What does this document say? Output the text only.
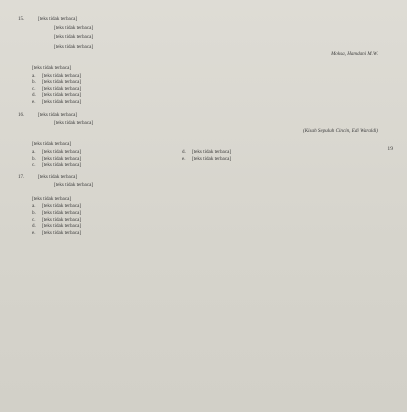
15.	[teks tidak terbaca]

[teks tidak terbaca]

[teks tidak terbaca]

[teks tidak terbaca]

Moksa, Hamdani M.W.
[teks tidak terbaca]
a.	[teks tidak terbaca]
b.	[teks tidak terbaca]
c.	[teks tidak terbaca]
d.	[teks tidak terbaca]
e.	[teks tidak terbaca]
16.	[teks tidak terbaca]

[teks tidak terbaca]

(Kisah Sepuluh Cincin, Edi Waraldi)
[teks tidak terbaca]
a.	[teks tidak terbaca]	d.	[teks tidak terbaca]
b.	[teks tidak terbaca]	e.	[teks tidak terbaca]
c.	[teks tidak terbaca]
17.	[teks tidak terbaca]

[teks tidak terbaca]

[teks tidak terbaca]
a.	[teks tidak terbaca]
b.	[teks tidak terbaca]
c.	[teks tidak terbaca]
d.	[teks tidak terbaca]
e.	[teks tidak terbaca]
19
